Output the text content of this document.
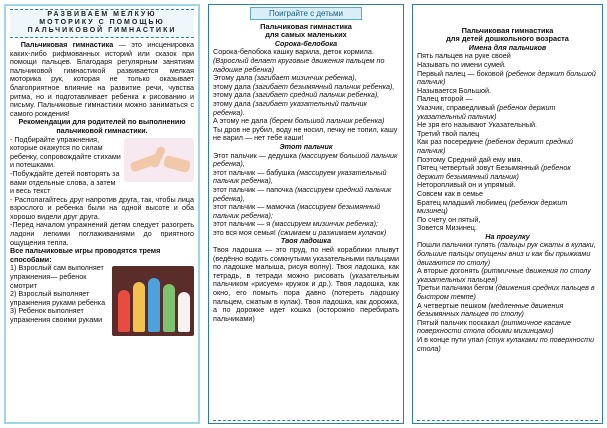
РАЗВИВАЕМ МЕЛКУЮ
МОТОРИКУ С ПОМОЩЬЮ
ПАЛЬЧИКОВОЙ ГИМНАСТИКИ

Пальчиковая гимнастика — это инсценировка каких-либо рифмованных историй или сказок при помощи пальцев. Благодаря регулярным занятиям пальчиковой гимнастикой развивается мелкая моторика рук, которая не только оказывает благоприятное влияние на развитие речи, чувства ритма, но и подготавливает ребенка к рисованию и письму. Пальчиковые гимнастики можно заниматься с самого рождения!

Рекомендации для родителей по выполнению пальчиковой гимнастики.

- Подбирайте упражнения, которые окажутся по силам ребенку, сопровождайте стихами и потешками.

-Побуждайте детей повторять за вами отдельные слова, а затем и весь текст

- Располагайтесь друг напротив друга, так, чтобы лица взрослого и ребенка были на одной высоте и оба хорошо видели друг друга.

-Перед началом упражнений детям следует разогреть ладони легкими поглаживаниями до приятного ощущения тепла.

Все пальчиковые игры проводятся тремя способами:

1) Взрослый сам выполняет упражнения— ребенок смотрит

2) Взрослый выполняет упражнения руками ребенка

3) Ребенок выполняет упражнения своими руками

Поиграйте с детьми
Пальчиковая гимнастика
для самых маленьких
Сорока-белобока

Сорока-белобока кашку варила, деток кормила. (Взрослый делает круговые движения пальцем по ладошке ребенка)

Этому дала (загибает мизинчик ребенка),

этому дала (загибает безымянный пальчик ребенка),

этому дала (загибает средний пальчик ребенка),

этому дала (загибает указательный пальчик ребенка).

А этому не дала (берем большой пальчик ребенка)

Ты дров не рубил, воду не носил, печку не топил, кашу не варил — нет тебе каши!

Этот пальчик

Этот пальчик — дедушка (массируем большой пальчик ребенка),

этот пальчик — бабушка (массируем указательный пальчик ребенка),

этот пальчик — папочка (массируем средний пальчик ребенка),

этот пальчик — мамочка (массируем безымянный пальчик ребенка);

этот пальчик — я (массируем мизинчик ребенка);

это вся моя семья! (сжимаем и разжимаем кулачок)

Твоя ладошка

Твоя ладошка — это пруд, по ней кораблики плывут (ведённо водить сомкнутыми указательными пальцами по ладошке малыша, рисуя волну). Твоя ладошка, как тетрадь, в тетради можно рисовать (указательным пальчиком «рисуем» кружок и др.). Твоя ладошка, как окно, его помыть пора давно (потереть ладошку пальцем, сжатым в кулак). Твоя ладошка, как дорожка, а по дорожке идет кошка (осторожно перебирать пальчиками)

Пальчиковая гимнастика
для детей дошкольного возраста
Имена для пальчиков

Пять пальцев на руке своей

Называть по имени сумей.

Первый палец — боковой (ребенок держит большой пальчик)

Называется Большой.

Палец второй —

Указчик, справедливый (ребенок держит указательный пальчик)

Не зря его называют Указательный.

Третий твой палец

Как раз посередине (ребенок держит средний пальчик)

Поэтому Средний дай ему имя.

Пятец четвертый зовут Безымянный (ребенок держит безымянный пальчик)

Неторопливый он и упрямый.

Совсем как в семье

Братец младший любимец (ребенок держит мизинец)

По счету он пятый,

Зовется Мизинец.

На прогулку

Пошли пальчики гулять (пальцы рук сжаты в кулаки, большие пальцы опущены вниз и как бы прыжками двигаются по столу)

А вторые догонять (ритмичные движения по столу указательных пальцев)

Третьи пальчики бегом (движения средних пальцев в быстром темпе)

А четвертые пешком (медленные движения безымянных пальцев по столу)

Пятый пальчик поскакал (ритмичное касание поверхности стола обоими мизинцами)

И в конце пути упал (стук кулаками по поверхности стола)
